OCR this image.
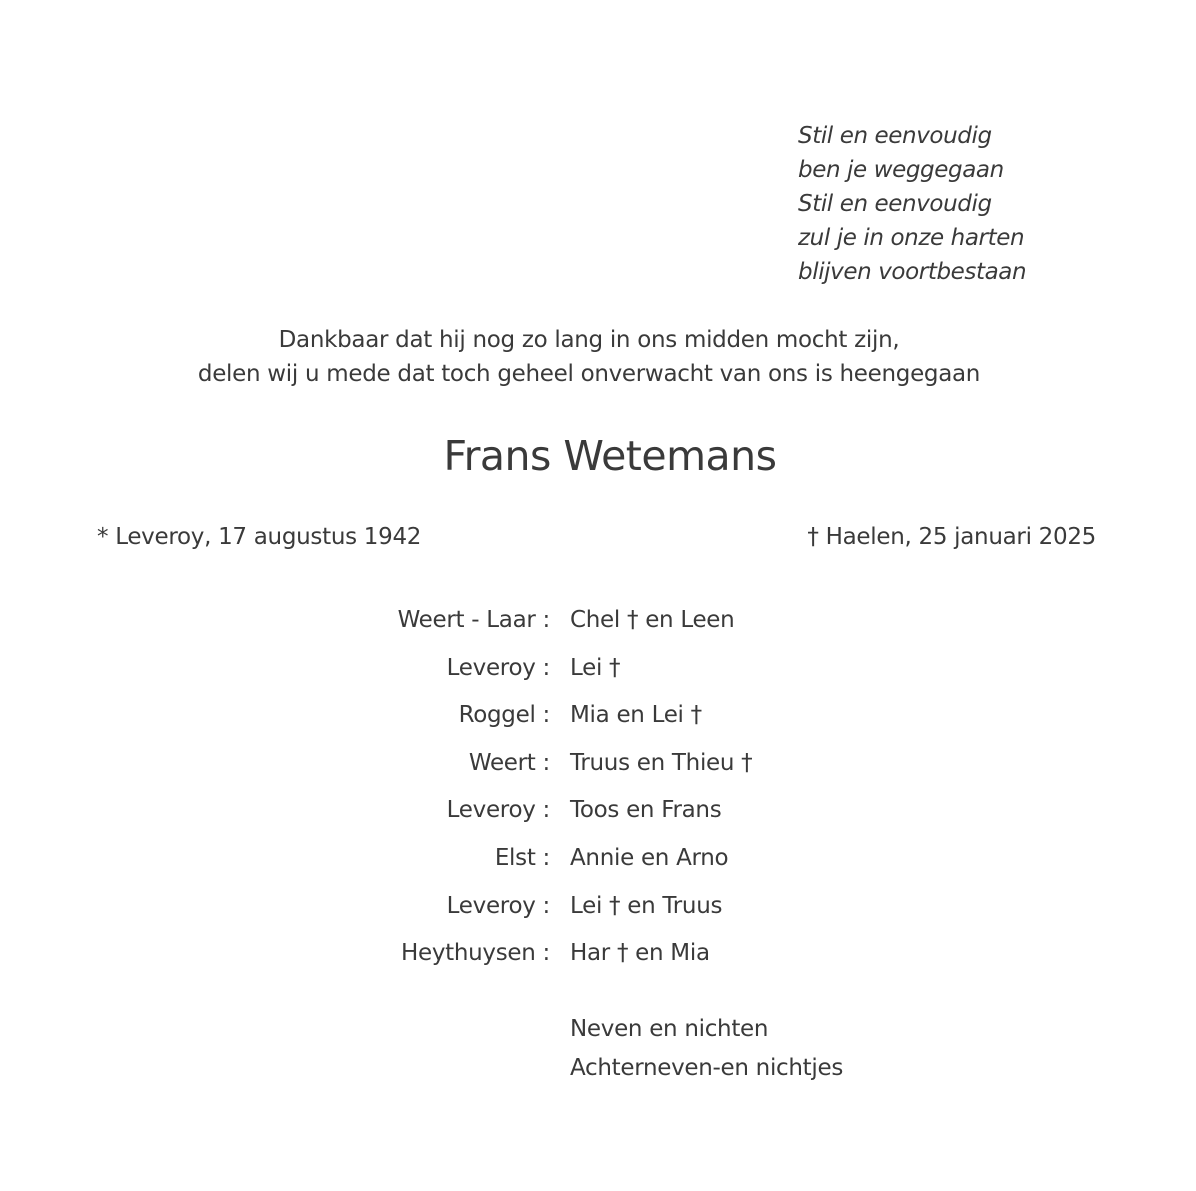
Stil en eenvoudig
ben je weggegaan
Stil en eenvoudig
zul je in onze harten
blijven voortbestaan
Dankbaar dat hij nog zo lang in ons midden mocht zijn,
delen wij u mede dat toch geheel onverwacht van ons is heengegaan
Frans Wetemans
* Leveroy, 17 augustus 1942	† Haelen, 25 januari 2025
Weert - Laar : Chel † en Leen
Leveroy : Lei †
Roggel : Mia en Lei †
Weert : Truus en Thieu †
Leveroy : Toos en Frans
Elst : Annie en Arno
Leveroy : Lei † en Truus
Heythuysen : Har † en Mia
Neven en nichten
Achterneven-en nichtjes
